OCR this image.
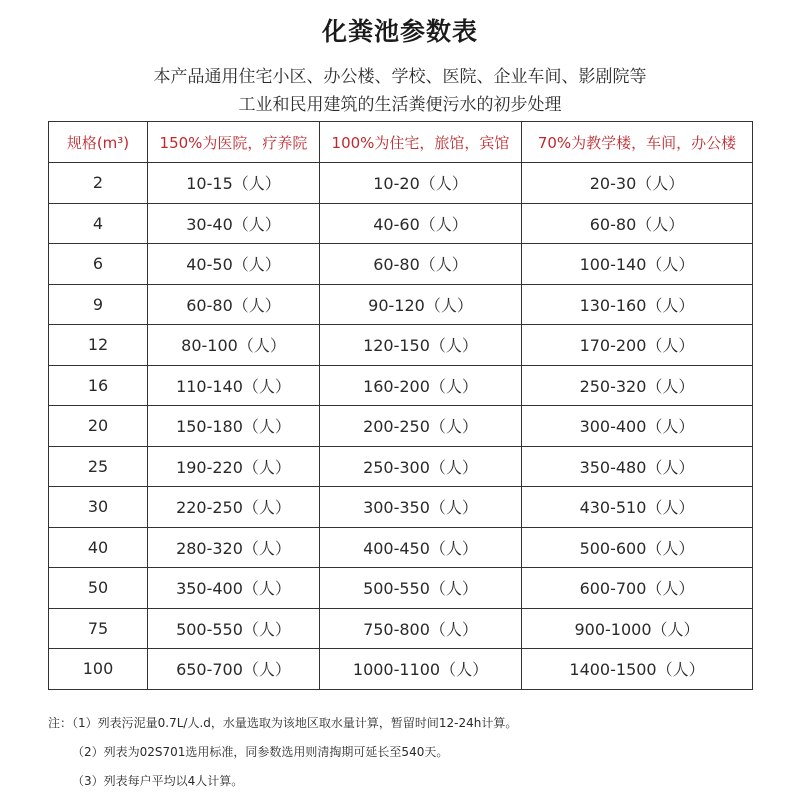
化粪池参数表
本产品通用住宅小区、办公楼、学校、医院、企业车间、影剧院等
工业和民用建筑的生活粪便污水的初步处理
规格(m³)	150%为医院，疗养院	100%为住宅，旅馆，宾馆	70%为教学楼，车间，办公楼
2	10-15（人）	10-20（人）	20-30（人）
4	30-40（人）	40-60（人）	60-80（人）
6	40-50（人）	60-80（人）	100-140（人）
9	60-80（人）	90-120（人）	130-160（人）
12	80-100（人）	120-150（人）	170-200（人）
16	110-140（人）	160-200（人）	250-320（人）
20	150-180（人）	200-250（人）	300-400（人）
25	190-220（人）	250-300（人）	350-480（人）
30	220-250（人）	300-350（人）	430-510（人）
40	280-320（人）	400-450（人）	500-600（人）
50	350-400（人）	500-550（人）	600-700（人）
75	500-550（人）	750-800（人）	900-1000（人）
100	650-700（人）	1000-1100（人）	1400-1500（人）
注：（1）列表污泥量0.7L/人.d，水量选取为该地区取水量计算，暂留时间12-24h计算。
（2）列表为02S701选用标准，同参数选用则清掏期可延长至540天。
（3）列表每户平均以4人计算。
